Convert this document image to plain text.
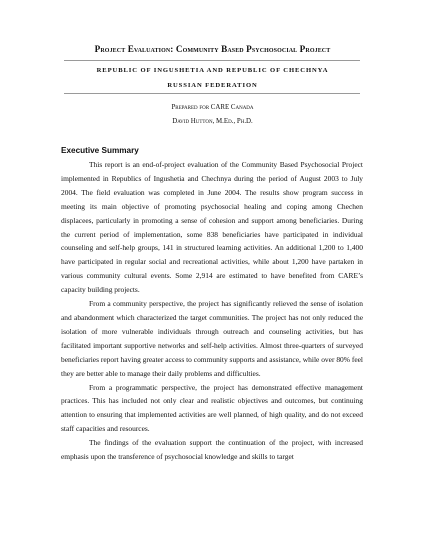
Project Evaluation: Community Based Psychosocial Project
REPUBLIC OF INGUSHETIA AND REPUBLIC OF CHECHNYA
RUSSIAN FEDERATION
Prepared for CARE Canada
David Hutton, M.Ed., Ph.D.
Executive Summary

This report is an end-of-project evaluation of the Community Based Psychosocial Project implemented in Republics of Ingushetia and Chechnya during the period of August 2003 to July 2004. The field evaluation was completed in June 2004. The results show program success in meeting its main objective of promoting psychosocial healing and coping among Chechen displacees, particularly in promoting a sense of cohesion and support among beneficiaries. During the current period of implementation, some 838 beneficiaries have participated in individual counseling and self-help groups, 141 in structured learning activities. An additional 1,200 to 1,400 have participated in regular social and recreational activities, while about 1,200 have partaken in various community cultural events. Some 2,914 are estimated to have benefited from CARE’s capacity building projects.

From a community perspective, the project has significantly relieved the sense of isolation and abandonment which characterized the target communities. The project has not only reduced the isolation of more vulnerable individuals through outreach and counseling activities, but has facilitated important supportive networks and self-help activities. Almost three-quarters of surveyed beneficiaries report having greater access to community supports and assistance, while over 80% feel they are better able to manage their daily problems and difficulties.

From a programmatic perspective, the project has demonstrated effective management practices. This has included not only clear and realistic objectives and outcomes, but continuing attention to ensuring that implemented activities are well planned, of high quality, and do not exceed staff capacities and resources.

The findings of the evaluation support the continuation of the project, with increased emphasis upon the transference of psychosocial knowledge and skills to target
